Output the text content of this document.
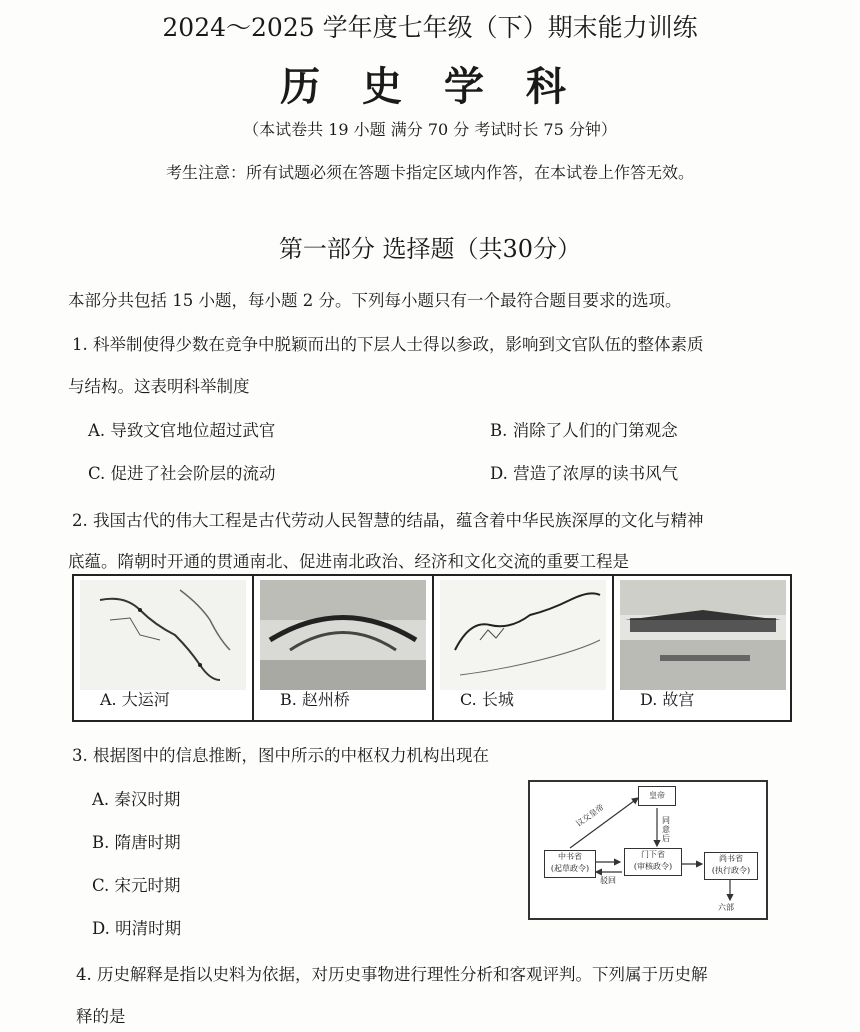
2024～2025 学年度七年级（下）期末能力训练
历 史 学 科
（本试卷共 19 小题 满分 70 分 考试时长 75 分钟）
考生注意：所有试题必须在答题卡指定区域内作答，在本试卷上作答无效。
第一部分 选择题（共30分）
本部分共包括 15 小题，每小题 2 分。下列每小题只有一个最符合题目要求的选项。
1. 科举制使得少数在竞争中脱颖而出的下层人士得以参政，影响到文官队伍的整体素质
与结构。这表明科举制度
A. 导致文官地位超过武官	B. 消除了人们的门第观念
C. 促进了社会阶层的流动	D. 营造了浓厚的读书风气
2. 我国古代的伟大工程是古代劳动人民智慧的结晶，蕴含着中华民族深厚的文化与精神
底蕴。隋朝时开通的贯通南北、促进南北政治、经济和文化交流的重要工程是
A. 大运河	B. 赵州桥	C. 长城	D. 故宫
3. 根据图中的信息推断，图中所示的中枢权力机构出现在
A. 秦汉时期
B. 隋唐时期
C. 宋元时期
D. 明清时期
皇帝
中书省
(起草政令)
门下省
(审核政令)
尚书省
(执行政令)
六部
议交皇帝	同意后
驳回
4. 历史解释是指以史料为依据，对历史事物进行理性分析和客观评判。下列属于历史解
释的是
